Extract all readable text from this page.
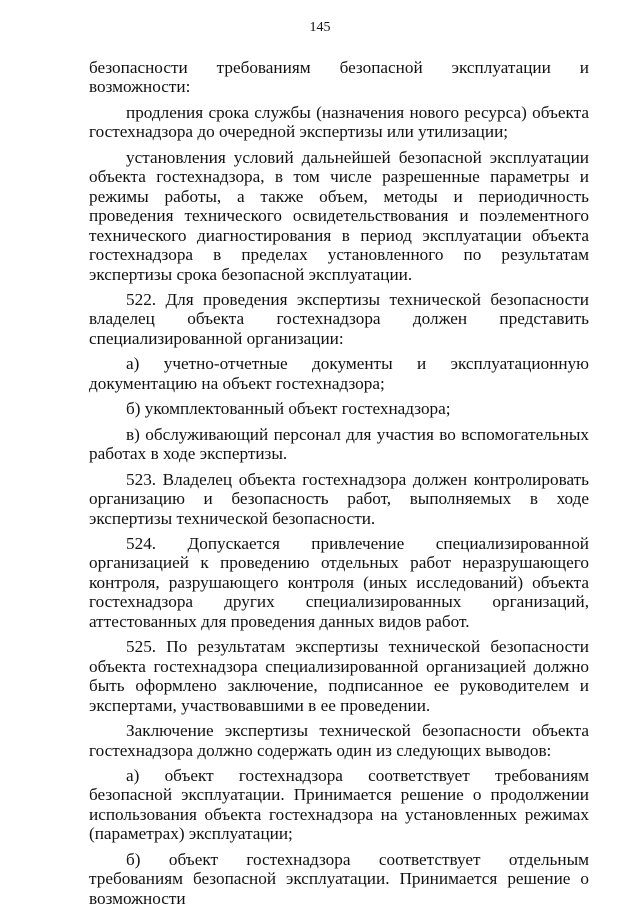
145

безопасности требованиям безопасной эксплуатации и возможности:

продления срока службы (назначения нового ресурса) объекта гостехнадзора до очередной экспертизы или утилизации;

установления условий дальнейшей безопасной эксплуатации объекта гостехнадзора, в том числе разрешенные параметры и режимы работы, а также объем, методы и периодичность проведения технического освидетельствования и поэлементного технического диагностирования в период эксплуатации объекта гостехнадзора в пределах установленного по результатам экспертизы срока безопасной эксплуатации.

522. Для проведения экспертизы технической безопасности владелец объекта гостехнадзора должен представить специализированной организации:

а) учетно-отчетные документы и эксплуатационную документацию на объект гостехнадзора;

б) укомплектованный объект гостехнадзора;

в) обслуживающий персонал для участия во вспомогательных работах в ходе экспертизы.

523. Владелец объекта гостехнадзора должен контролировать организацию и безопасность работ, выполняемых в ходе экспертизы технической безопасности.

524. Допускается привлечение специализированной организацией к проведению отдельных работ неразрушающего контроля, разрушающего контроля (иных исследований) объекта гостехнадзора других специализированных организаций, аттестованных для проведения данных видов работ.

525. По результатам экспертизы технической безопасности объекта гостехнадзора специализированной организацией должно быть оформлено заключение, подписанное ее руководителем и экспертами, участвовавшими в ее проведении.

Заключение экспертизы технической безопасности объекта гостехнадзора должно содержать один из следующих выводов:

а) объект гостехнадзора соответствует требованиям безопасной эксплуатации. Принимается решение о продолжении использования объекта гостехнадзора на установленных режимах (параметрах) эксплуатации;

б) объект гостехнадзора соответствует отдельным требованиям безопасной эксплуатации. Принимается решение о возможности
